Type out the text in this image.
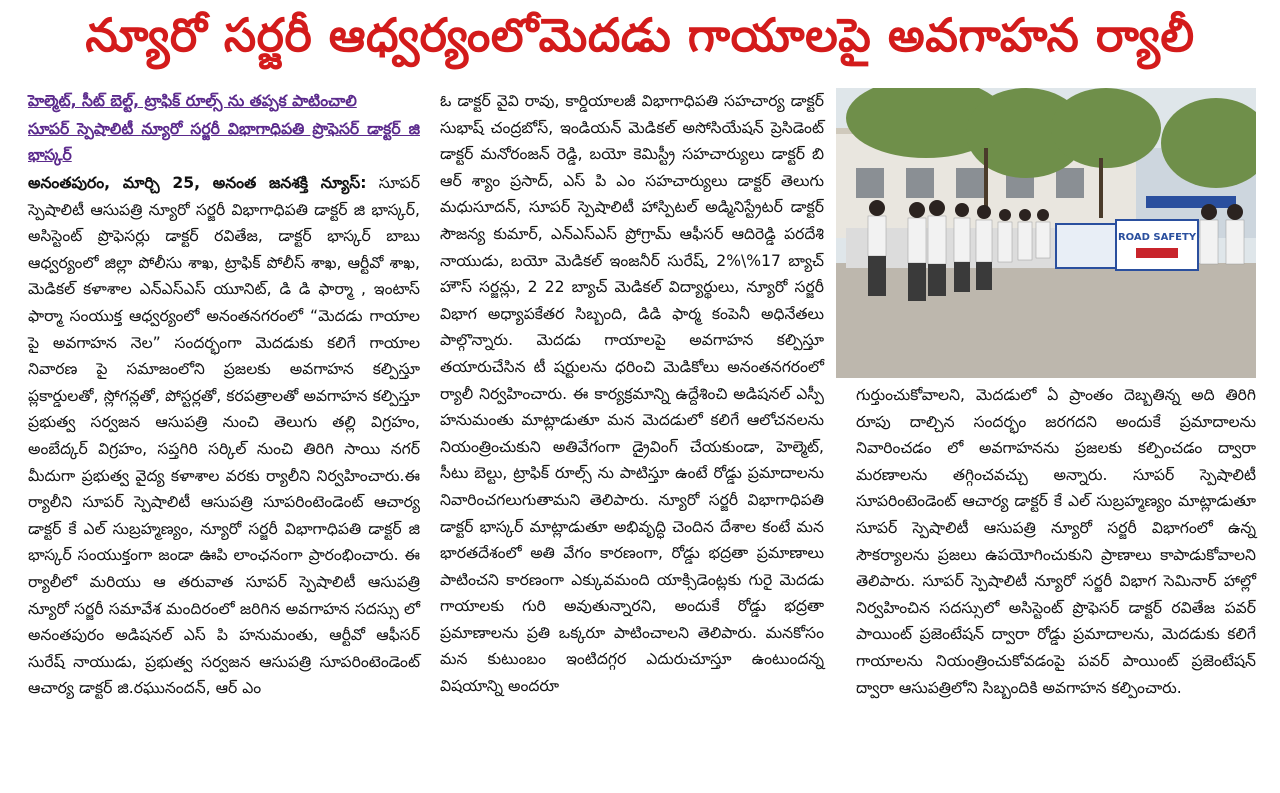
న్యూరో సర్జరీ ఆధ్వర్యంలోమెదడు గాయాలపై అవగాహన ర్యాలీ
హెల్మెట్, సీట్ బెల్ట్, ట్రాఫిక్ రూల్స్ ను తప్పక పాటించాలి
సూపర్ స్పెషాలిటీ న్యూరో సర్జరీ విభాగాధిపతి ప్రొఫెసర్ డాక్టర్ జి భాస్కర్

అనంతపురం, మార్చి 25, అనంత జనశక్తి న్యూస్: సూపర్ స్పెషాలిటీ ఆసుపత్రి న్యూరో సర్జరీ విభాగాధిపతి డాక్టర్ జి భాస్కర్, అసిస్టెంట్ ప్రొఫెసర్లు డాక్టర్ రవితేజ, డాక్టర్ భాస్కర్ బాబు ఆధ్వర్యంలో జిల్లా పోలీసు శాఖ, ట్రాఫిక్ పోలీస్ శాఖ, ఆర్టీవో శాఖ, మెడికల్ కళాశాల ఎన్ఎస్ఎస్ యూనిట్, డి డి ఫార్మా , ఇంటాస్ ఫార్మా సంయుక్త ఆధ్వర్యంలో అనంతనగరంలో “మెదడు గాయాల పై అవగాహన నెల” సందర్భంగా మెదడుకు కలిగే గాయాల నివారణ పై సమాజంలోని ప్రజలకు అవగాహన కల్పిస్తూ ప్లకార్డులతో, స్లోగన్లతో, పోస్టర్లతో, కరపత్రాలతో అవగాహన కల్పిస్తూ ప్రభుత్వ సర్వజన ఆసుపత్రి నుంచి తెలుగు తల్లి విగ్రహం, అంబేద్కర్ విగ్రహం, సప్తగిరి సర్కిల్ నుంచి తిరిగి సాయి నగర్ మీదుగా ప్రభుత్వ వైద్య కళాశాల వరకు ర్యాలీని నిర్వహించారు.ఈ ర్యాలీని సూపర్ స్పెషాలిటీ ఆసుపత్రి సూపరింటెండెంట్ ఆచార్య డాక్టర్ కే ఎల్ సుబ్రహ్మణ్యం, న్యూరో సర్జరీ విభాగాధిపతి డాక్టర్ జి భాస్కర్ సంయుక్తంగా జండా ఊపి లాంఛనంగా ప్రారంభించారు. ఈ ర్యాలీలో మరియు ఆ తరువాత సూపర్ స్పెషాలిటీ ఆసుపత్రి న్యూరో సర్జరీ సమావేశ మందిరంలో జరిగిన అవగాహన సదస్సు లో అనంతపురం అడిషనల్ ఎస్ పి హనుమంతు, ఆర్టీవో ఆఫీసర్ సురేష్ నాయుడు, ప్రభుత్వ సర్వజన ఆసుపత్రి సూపరింటెండెంట్ ఆచార్య డాక్టర్ జి.రఘునందన్, ఆర్ ఎం

ఓ డాక్టర్ వైవి రావు, కార్డియాలజీ విభాగాధిపతి సహచార్య డాక్టర్ సుభాష్ చంద్రబోస్, ఇండియన్ మెడికల్ అసోసియేషన్ ప్రెసిడెంట్ డాక్టర్ మనోరంజన్ రెడ్డి, బయో కెమిస్ట్రీ సహచార్యులు డాక్టర్ బి ఆర్ శ్యాం ప్రసాద్, ఎస్ పి ఎం సహచార్యులు డాక్టర్ తెలుగు మధుసూదన్, సూపర్ స్పెషాలిటీ హాస్పిటల్ అడ్మినిస్ట్రేటర్ డాక్టర్ సౌజన్య కుమార్, ఎన్ఎస్ఎస్ ప్రోగ్రామ్ ఆఫీసర్ ఆదిరెడ్డి పరదేశి నాయుడు, బయో మెడికల్ ఇంజనీర్ సురేష్, 2%\%17 బ్యాచ్ హౌస్ సర్జన్లు, 2 22 బ్యాచ్ మెడికల్ విద్యార్థులు, న్యూరో సర్జరీ విభాగ అధ్యాపకేతర సిబ్బంది, డిడి ఫార్మ కంపెనీ అధినేతలు పాల్గొన్నారు. మెదడు గాయాలపై అవగాహన కల్పిస్తూ తయారుచేసిన టీ షర్టులను ధరించి మెడికోలు అనంతనగరంలో ర్యాలీ నిర్వహించారు. ఈ కార్యక్రమాన్ని ఉద్దేశించి అడిషనల్ ఎస్పీ హనుమంతు మాట్లాడుతూ మన మెదడులో కలిగే ఆలోచనలను నియంత్రించుకుని అతివేగంగా డ్రైవింగ్ చేయకుండా, హెల్మెట్, సీటు బెల్టు, ట్రాఫిక్ రూల్స్ ను పాటిస్తూ ఉంటే రోడ్డు ప్రమాదాలను నివారించగలుగుతామని తెలిపారు. న్యూరో సర్జరీ విభాగాధిపతి డాక్టర్ భాస్కర్ మాట్లాడుతూ అభివృద్ధి చెందిన దేశాల కంటే మన భారతదేశంలో అతి వేగం కారణంగా, రోడ్డు భద్రతా ప్రమాణాలు పాటించని కారణంగా ఎక్కువమంది యాక్సిడెంట్లకు గురై మెదడు గాయాలకు గురి అవుతున్నారని, అందుకే రోడ్డు భద్రతా ప్రమాణాలను ప్రతి ఒక్కరూ పాటించాలని తెలిపారు. మనకోసం మన కుటుంబం ఇంటిదగ్గర ఎదురుచూస్తూ ఉంటుందన్న విషయాన్ని అందరూ

ROAD SAFETY

గుర్తుంచుకోవాలని, మెదడులో ఏ ప్రాంతం దెబ్బతిన్న అది తిరిగి రూపు దాల్చిన సందర్భం జరగదని అందుకే ప్రమాదాలను నివారించడం లో అవగాహనను ప్రజలకు కల్పించడం ద్వారా మరణాలను తగ్గించవచ్చు అన్నారు. సూపర్ స్పెషాలిటీ సూపరింటెండెంట్ ఆచార్య డాక్టర్ కే ఎల్ సుబ్రహ్మణ్యం మాట్లాడుతూ సూపర్ స్పెషాలిటీ ఆసుపత్రి న్యూరో సర్జరీ విభాగంలో ఉన్న సౌకర్యాలను ప్రజలు ఉపయోగించుకుని ప్రాణాలు కాపాడుకోవాలని తెలిపారు. సూపర్ స్పెషాలిటీ న్యూరో సర్జరీ విభాగ సెమినార్ హాల్లో నిర్వహించిన సదస్సులో అసిస్టెంట్ ప్రొఫెసర్ డాక్టర్ రవితేజ పవర్ పాయింట్ ప్రజెంటేషన్ ద్వారా రోడ్డు ప్రమాదాలను, మెదడుకు కలిగే గాయాలను నియంత్రించుకోవడంపై పవర్ పాయింట్ ప్రజెంటేషన్ ద్వారా ఆసుపత్రిలోని సిబ్బందికి అవగాహన కల్పించారు.
